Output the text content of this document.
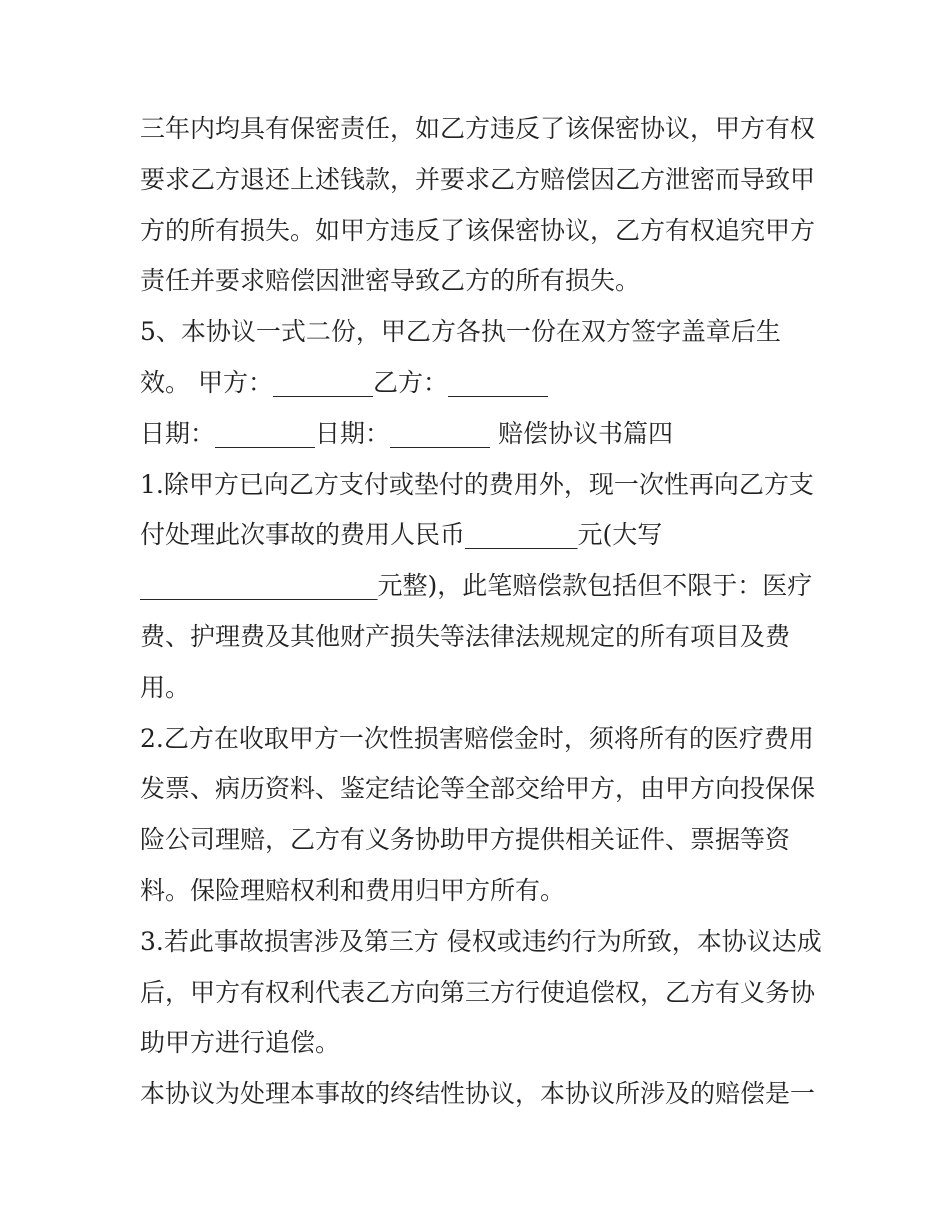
三年内均具有保密责任，如乙方违反了该保密协议，甲方有权

要求乙方退还上述钱款，并要求乙方赔偿因乙方泄密而导致甲

方的所有损失。如甲方违反了该保密协议，乙方有权追究甲方

责任并要求赔偿因泄密导致乙方的所有损失。

5、本协议一式二份，甲乙方各执一份在双方签字盖章后生

效。 甲方：________乙方：________

日期：________日期：________ 赔偿协议书篇四

1.除甲方已向乙方支付或垫付的费用外，现一次性再向乙方支

付处理此次事故的费用人民币_________元(大写

___________________元整)，此笔赔偿款包括但不限于：医疗

费、护理费及其他财产损失等法律法规规定的所有项目及费

用。

2.乙方在收取甲方一次性损害赔偿金时，须将所有的医疗费用

发票、病历资料、鉴定结论等全部交给甲方，由甲方向投保保

险公司理赔，乙方有义务协助甲方提供相关证件、票据等资

料。保险理赔权利和费用归甲方所有。

3.若此事故损害涉及第三方 侵权或违约行为所致，本协议达成

后，甲方有权利代表乙方向第三方行使追偿权，乙方有义务协

助甲方进行追偿。

本协议为处理本事故的终结性协议，本协议所涉及的赔偿是一
